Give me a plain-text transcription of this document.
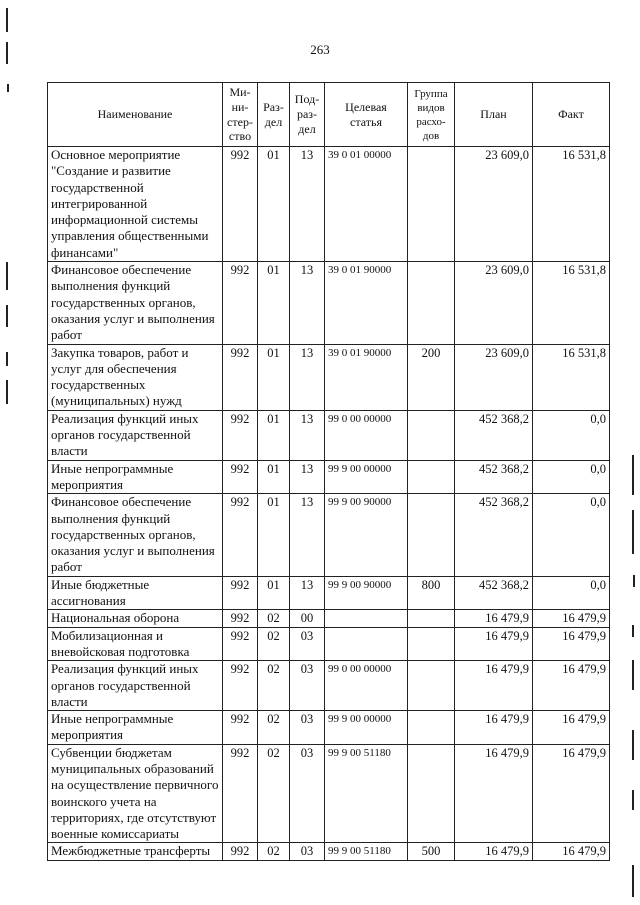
263
Наименование	Ми-
ни-
стер-
ство	Раз-
дел	Под-
раз-
дел	Целевая
статья	Группа
видов
расхо-
дов	План	Факт
Основное мероприятие "Создание и развитие государственной интегрированной информационной системы управления общественными финансами"	992	01	13	39 0 01 00000		23 609,0	16 531,8
Финансовое обеспечение выполнения функций государственных органов, оказания услуг и выполнения работ	992	01	13	39 0 01 90000		23 609,0	16 531,8
Закупка товаров, работ и услуг для обеспечения государственных (муниципальных) нужд	992	01	13	39 0 01 90000	200	23 609,0	16 531,8
Реализация функций иных органов государственной власти	992	01	13	99 0 00 00000		452 368,2	0,0
Иные непрограммные мероприятия	992	01	13	99 9 00 00000		452 368,2	0,0
Финансовое обеспечение выполнения функций государственных органов, оказания услуг и выполнения работ	992	01	13	99 9 00 90000		452 368,2	0,0
Иные бюджетные ассигнования	992	01	13	99 9 00 90000	800	452 368,2	0,0
Национальная оборона	992	02	00			16 479,9	16 479,9
Мобилизационная и вневойсковая подготовка	992	02	03			16 479,9	16 479,9
Реализация функций иных органов государственной власти	992	02	03	99 0 00 00000		16 479,9	16 479,9
Иные непрограммные мероприятия	992	02	03	99 9 00 00000		16 479,9	16 479,9
Субвенции бюджетам муниципальных образований на осуществление первичного воинского учета на территориях, где отсутствуют военные комиссариаты	992	02	03	99 9 00 51180		16 479,9	16 479,9
Межбюджетные трансферты	992	02	03	99 9 00 51180	500	16 479,9	16 479,9
